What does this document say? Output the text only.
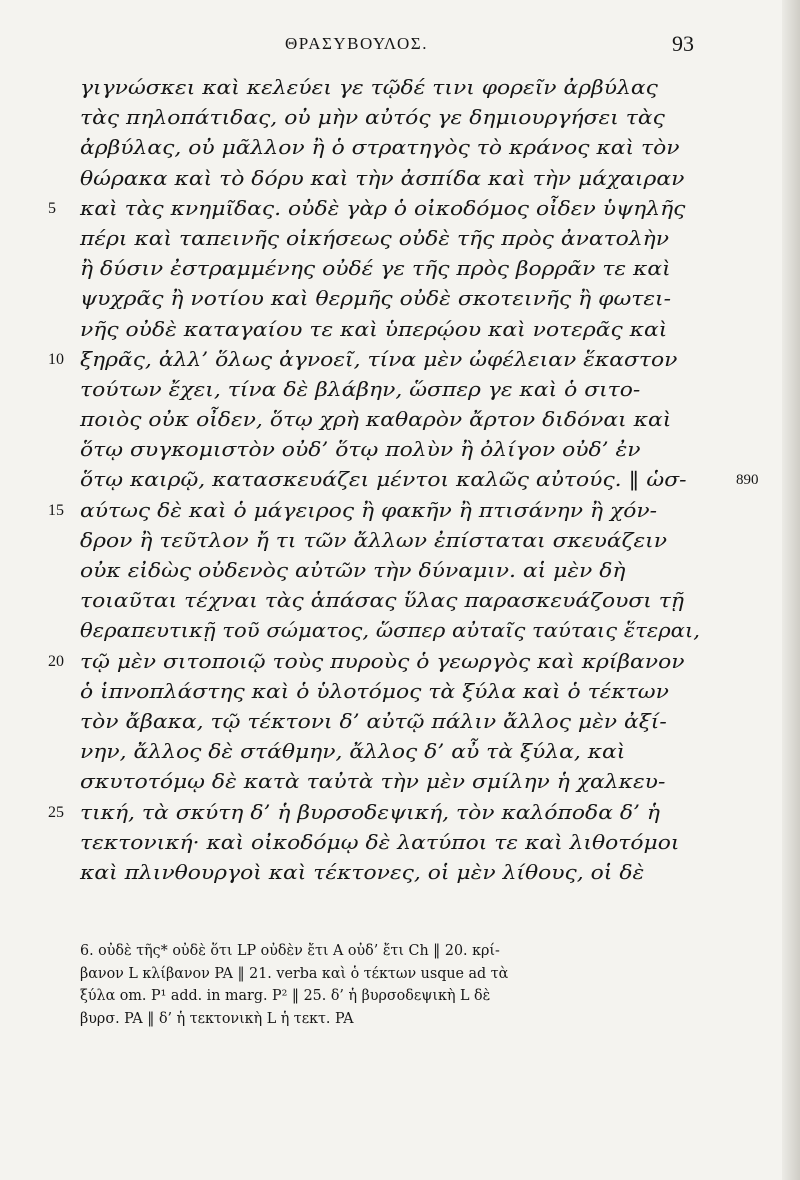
ΘΡΑΣΥΒΟΥΛΟΣ.	93
γιγνώσκει καὶ κελεύει γε τῷδέ τινι φορεῖν ἀρβύλας
τὰς πηλοπάτιδας, οὐ μὴν αὐτός γε δημιουργήσει τὰς
ἀρβύλας, οὐ μᾶλλον ἢ ὁ στρατηγὸς τὸ κράνος καὶ τὸν
θώρακα καὶ τὸ δόρυ καὶ τὴν ἀσπίδα καὶ τὴν μάχαιραν
5	καὶ τὰς κνημῖδας. οὐδὲ γὰρ ὁ οἰκοδόμος οἶδεν ὑψηλῆς
πέρι καὶ ταπεινῆς οἰκήσεως οὐδὲ τῆς πρὸς ἀνατολὴν
ἢ δύσιν ἐστραμμένης οὐδέ γε τῆς πρὸς βορρᾶν τε καὶ
ψυχρᾶς ἢ νοτίου καὶ θερμῆς οὐδὲ σκοτεινῆς ἢ φωτει-
νῆς οὐδὲ καταγαίου τε καὶ ὑπερῴου καὶ νοτερᾶς καὶ
10 ξηρᾶς, ἀλλ’ ὅλως ἀγνοεῖ, τίνα μὲν ὠφέλειαν ἕκαστον
τούτων ἔχει, τίνα δὲ βλάβην, ὥσπερ γε καὶ ὁ σιτο-
ποιὸς οὐκ οἶδεν, ὅτῳ χρὴ καθαρὸν ἄρτον διδόναι καὶ
ὅτῳ συγκομιστὸν οὐδ’ ὅτῳ πολὺν ἢ ὀλίγον οὐδ’ ἐν
ὅτῳ καιρῷ, κατασκευάζει μέντοι καλῶς αὐτούς. ‖ ὡσ-	890
15 αύτως δὲ καὶ ὁ μάγειρος ἢ φακῆν ἢ πτισάνην ἢ χόν-
δρον ἢ τεῦτλον ἤ τι τῶν ἄλλων ἐπίσταται σκευάζειν
οὐκ εἰδὼς οὐδενὸς αὐτῶν τὴν δύναμιν. αἱ μὲν δὴ
τοιαῦται τέχναι τὰς ἁπάσας ὕλας παρασκευάζουσι τῇ
θεραπευτικῇ τοῦ σώματος, ὥσπερ αὐταῖς ταύταις ἕτεραι,
20 τῷ μὲν σιτοποιῷ τοὺς πυροὺς ὁ γεωργὸς καὶ κρίβανον
ὁ ἱπνοπλάστης καὶ ὁ ὑλοτόμος τὰ ξύλα καὶ ὁ τέκτων
τὸν ἄβακα, τῷ τέκτονι δ’ αὐτῷ πάλιν ἄλλος μὲν ἀξί-
νην, ἄλλος δὲ στάθμην, ἄλλος δ’ αὖ τὰ ξύλα, καὶ
σκυτοτόμῳ δὲ κατὰ ταὐτὰ τὴν μὲν σμίλην ἡ χαλκευ-
25 τική, τὰ σκύτη δ’ ἡ βυρσοδεψική, τὸν καλόποδα δ’ ἡ
τεκτονική· καὶ οἰκοδόμῳ δὲ λατύποι τε καὶ λιθοτόμοι
καὶ πλινθουργοὶ καὶ τέκτονες, οἱ μὲν λίθους, οἱ δὲ
6. οὐδὲ τῆς* οὐδὲ ὅτι LP οὐδὲν ἔτι A οὐδ’ ἔτι Ch ‖ 20. κρί-
βανον L κλίβανον PA ‖ 21. verba καὶ ὁ τέκτων usque ad τὰ
ξύλα om. P¹ add. in marg. P² ‖ 25. δ’ ἡ βυρσοδεψικὴ L δὲ
βυρσ. PA ‖ δ’ ἡ τεκτονικὴ L ἡ τεκτ. PA
